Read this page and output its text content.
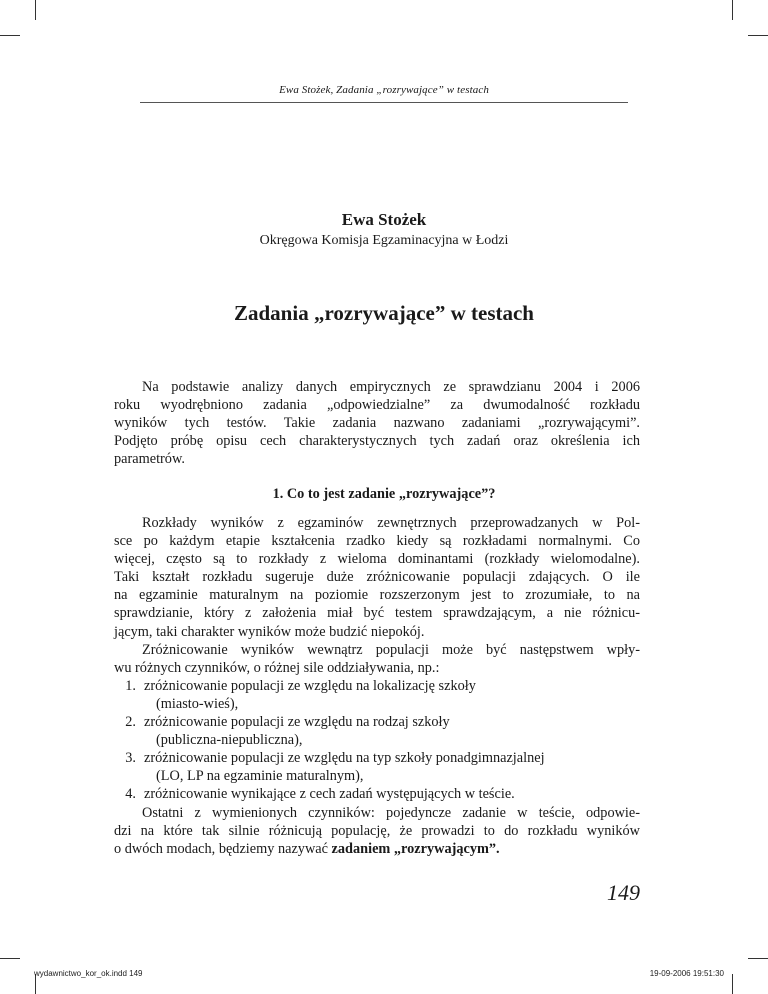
Ewa Stożek, Zadania „rozrywające” w testach
Ewa Stożek
Okręgowa Komisja Egzaminacyjna w Łodzi
Zadania „rozrywające” w testach
Na podstawie analizy danych empirycznych ze sprawdzianu 2004 i 2006
roku wyodrębniono zadania „odpowiedzialne” za dwumodalność rozkładu
wyników tych testów. Takie zadania nazwano zadaniami „rozrywającymi”.
Podjęto próbę opisu cech charakterystycznych tych zadań oraz określenia ich
parametrów.
1. Co to jest zadanie „rozrywające”?
Rozkłady wyników z egzaminów zewnętrznych przeprowadzanych w Pol-
sce po każdym etapie kształcenia rzadko kiedy są rozkładami normalnymi. Co
więcej, często są to rozkłady z wieloma dominantami (rozkłady wielomodalne).
Taki kształt rozkładu sugeruje duże zróżnicowanie populacji zdających. O ile
na egzaminie maturalnym na poziomie rozszerzonym jest to zrozumiałe, to na
sprawdzianie, który z założenia miał być testem sprawdzającym, a nie różnicu-
jącym, taki charakter wyników może budzić niepokój.
Zróżnicowanie wyników wewnątrz populacji może być następstwem wpły-
wu różnych czynników, o różnej sile oddziaływania, np.:
1. zróżnicowanie populacji ze względu na lokalizację szkoły
(miasto-wieś),
2. zróżnicowanie populacji ze względu na rodzaj szkoły
(publiczna-niepubliczna),
3. zróżnicowanie populacji ze względu na typ szkoły ponadgimnazjalnej
(LO, LP na egzaminie maturalnym),
4. zróżnicowanie wynikające z cech zadań występujących w teście.
Ostatni z wymienionych czynników: pojedyncze zadanie w teście, odpowie-
dzi na które tak silnie różnicują populację, że prowadzi to do rozkładu wyników
o dwóch modach, będziemy nazywać zadaniem „rozrywającym”.
149
wydawnictwo_kor_ok.indd 149	19-09-2006 19:51:30
